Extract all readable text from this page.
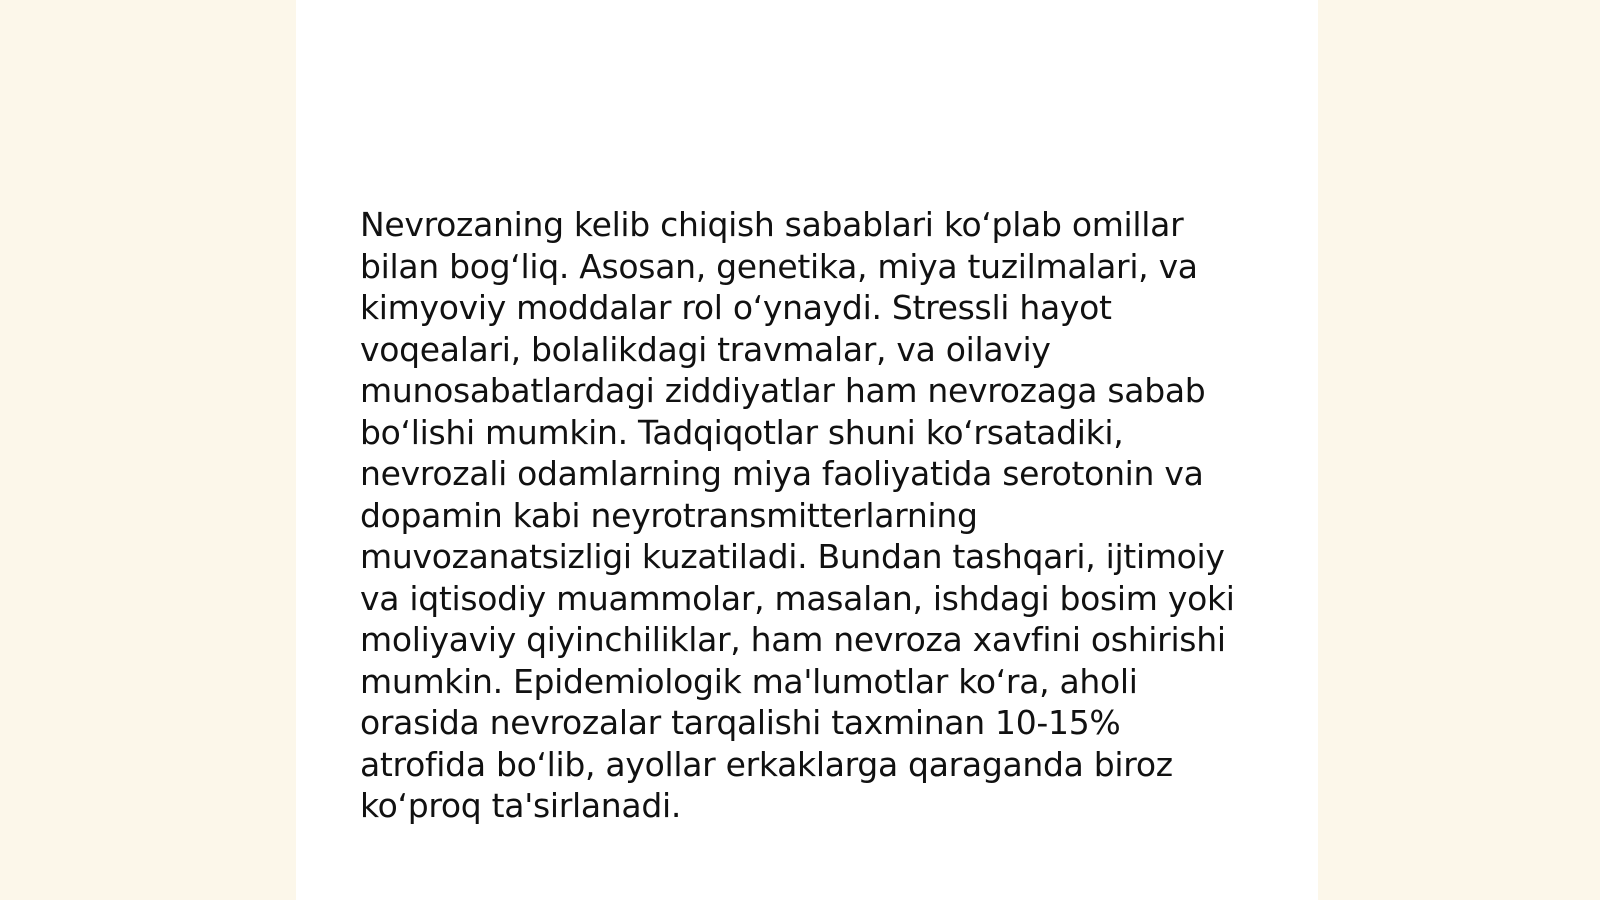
Nevrozaning kelib chiqish sabablari ko‘plab omillar
bilan bog‘liq. Asosan, genetika, miya tuzilmalari, va
kimyoviy moddalar rol o‘ynaydi. Stressli hayot
voqealari, bolalikdagi travmalar, va oilaviy
munosabatlardagi ziddiyatlar ham nevrozaga sabab
bo‘lishi mumkin. Tadqiqotlar shuni ko‘rsatadiki,
nevrozali odamlarning miya faoliyatida serotonin va
dopamin kabi neyrotransmitterlarning
muvozanatsizligi kuzatiladi. Bundan tashqari, ijtimoiy
va iqtisodiy muammolar, masalan, ishdagi bosim yoki
moliyaviy qiyinchiliklar, ham nevroza xavfini oshirishi
mumkin. Epidemiologik ma'lumotlar ko‘ra, aholi
orasida nevrozalar tarqalishi taxminan 10-15%
atrofida bo‘lib, ayollar erkaklarga qaraganda biroz
ko‘proq ta'sirlanadi.
